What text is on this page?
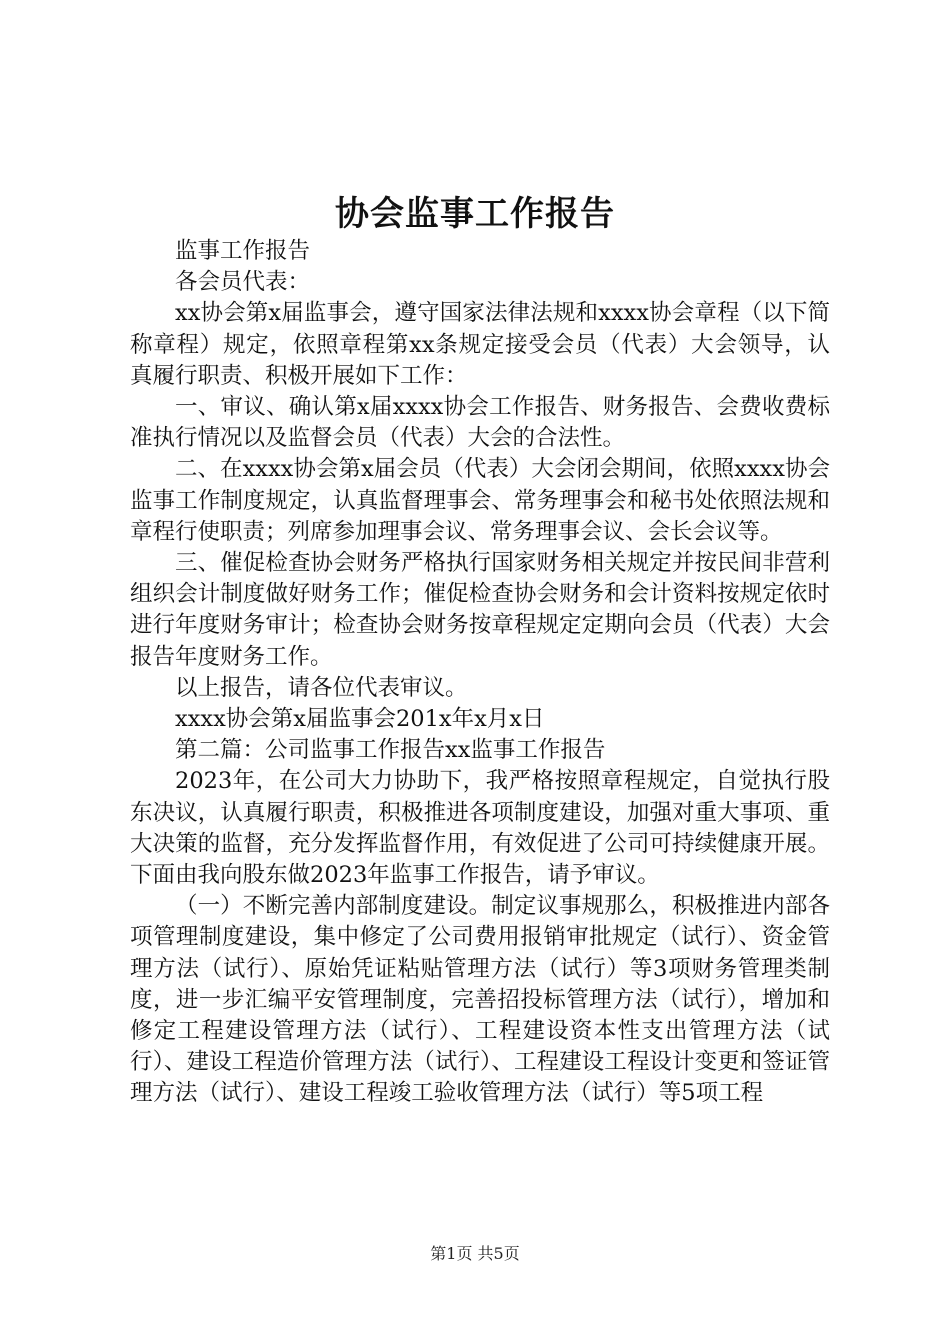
协会监事工作报告

监事工作报告

各会员代表：

xx协会第x届监事会，遵守国家法律法规和xxxx协会章程（以下简称章程）规定，依照章程第xx条规定接受会员（代表）大会领导，认真履行职责、积极开展如下工作：

一、审议、确认第x届xxxx协会工作报告、财务报告、会费收费标准执行情况以及监督会员（代表）大会的合法性。

二、在xxxx协会第x届会员（代表）大会闭会期间，依照xxxx协会监事工作制度规定，认真监督理事会、常务理事会和秘书处依照法规和章程行使职责；列席参加理事会议、常务理事会议、会长会议等。

三、催促检查协会财务严格执行国家财务相关规定并按民间非营利组织会计制度做好财务工作；催促检查协会财务和会计资料按规定依时进行年度财务审计；检查协会财务按章程规定定期向会员（代表）大会报告年度财务工作。

以上报告，请各位代表审议。

xxxx协会第x届监事会201x年x月x日

第二篇：公司监事工作报告xx监事工作报告

2023年，在公司大力协助下，我严格按照章程规定，自觉执行股东决议，认真履行职责，积极推进各项制度建设，加强对重大事项、重大决策的监督，充分发挥监督作用，有效促进了公司可持续健康开展。下面由我向股东做2023年监事工作报告，请予审议。

（一）不断完善内部制度建设。制定议事规那么，积极推进内部各项管理制度建设，集中修定了公司费用报销审批规定（试行）、资金管理方法（试行）、原始凭证粘贴管理方法（试行）等3项财务管理类制度，进一步汇编平安管理制度，完善招投标管理方法（试行），增加和修定工程建设管理方法（试行）、工程建设资本性支出管理方法（试行）、建设工程造价管理方法（试行）、工程建设工程设计变更和签证管理方法（试行）、建设工程竣工验收管理方法（试行）等5项工程

第1页 共5页
